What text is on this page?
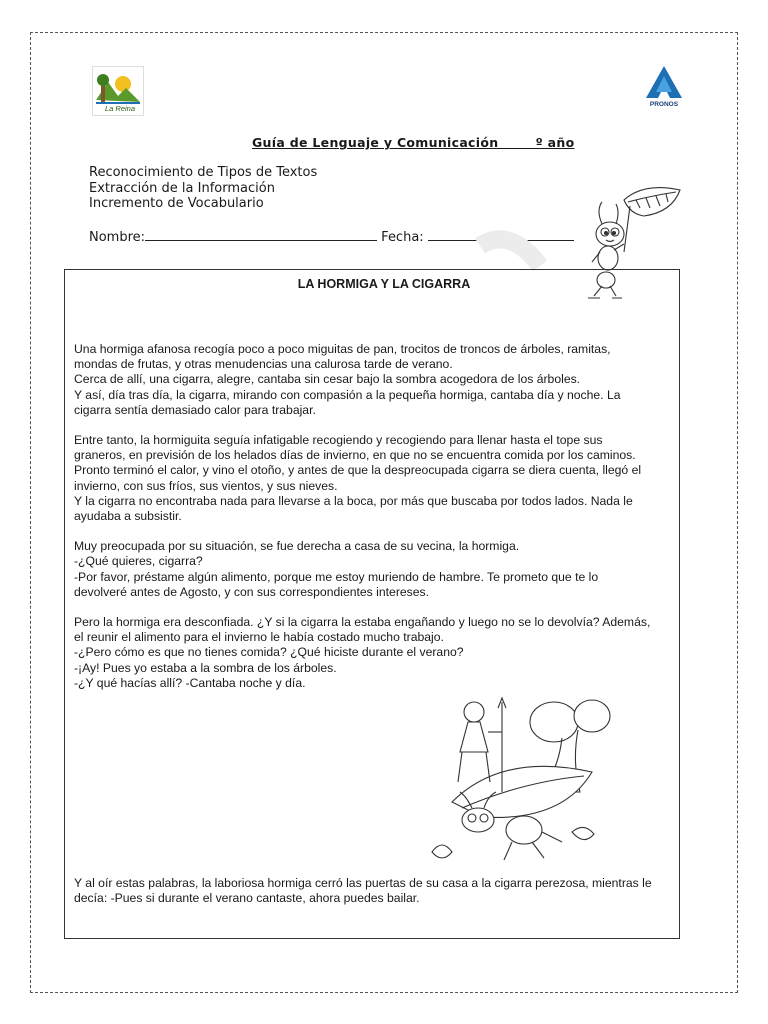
La Reina	PRONOS
Guía de Lenguaje y Comunicación        º año
Reconocimiento de Tipos de Textos
Extracción de la Información
Incremento de Vocabulario
Nombre:	Fecha:
LA HORMIGA Y LA CIGARRA

Una hormiga afanosa recogía poco a poco miguitas de pan, trocitos de troncos de árboles, ramitas,
mondas de frutas, y otras menudencias una calurosa tarde de verano.
Cerca de allí, una cigarra, alegre, cantaba sin cesar bajo la sombra acogedora de los árboles.
Y así, día tras día, la cigarra, mirando con compasión a la pequeña hormiga, cantaba día y noche. La
cigarra sentía demasiado calor para trabajar.

Entre tanto, la hormiguita seguía infatigable recogiendo y recogiendo para llenar hasta el tope sus
graneros, en previsión de los helados días de invierno, en que no se encuentra comida por los caminos.
Pronto terminó el calor, y vino el otoño, y antes de que la despreocupada cigarra se diera cuenta, llegó el
invierno, con sus fríos, sus vientos, y sus nieves.
Y la cigarra no encontraba nada para llevarse a la boca, por más que buscaba por todos lados. Nada le
ayudaba a subsistir.

Muy preocupada por su situación, se fue derecha a casa de su vecina, la hormiga.
-¿Qué quieres, cigarra?
-Por favor, préstame algún alimento, porque me estoy muriendo de hambre. Te prometo que te lo
devolveré antes de Agosto, y con sus correspondientes intereses.

Pero la hormiga era desconfiada. ¿Y si la cigarra la estaba engañando y luego no se lo devolvía? Además,
el reunir el alimento para el invierno le había costado mucho trabajo.
-¿Pero cómo es que no tienes comida? ¿Qué hiciste durante el verano?
-¡Ay! Pues yo estaba a la sombra de los árboles.
-¿Y qué hacías allí? -Cantaba noche y día.

Y al oír estas palabras, la laboriosa hormiga cerró las puertas de su casa a la cigarra perezosa, mientras le
decía: -Pues si durante el verano cantaste, ahora puedes bailar.
